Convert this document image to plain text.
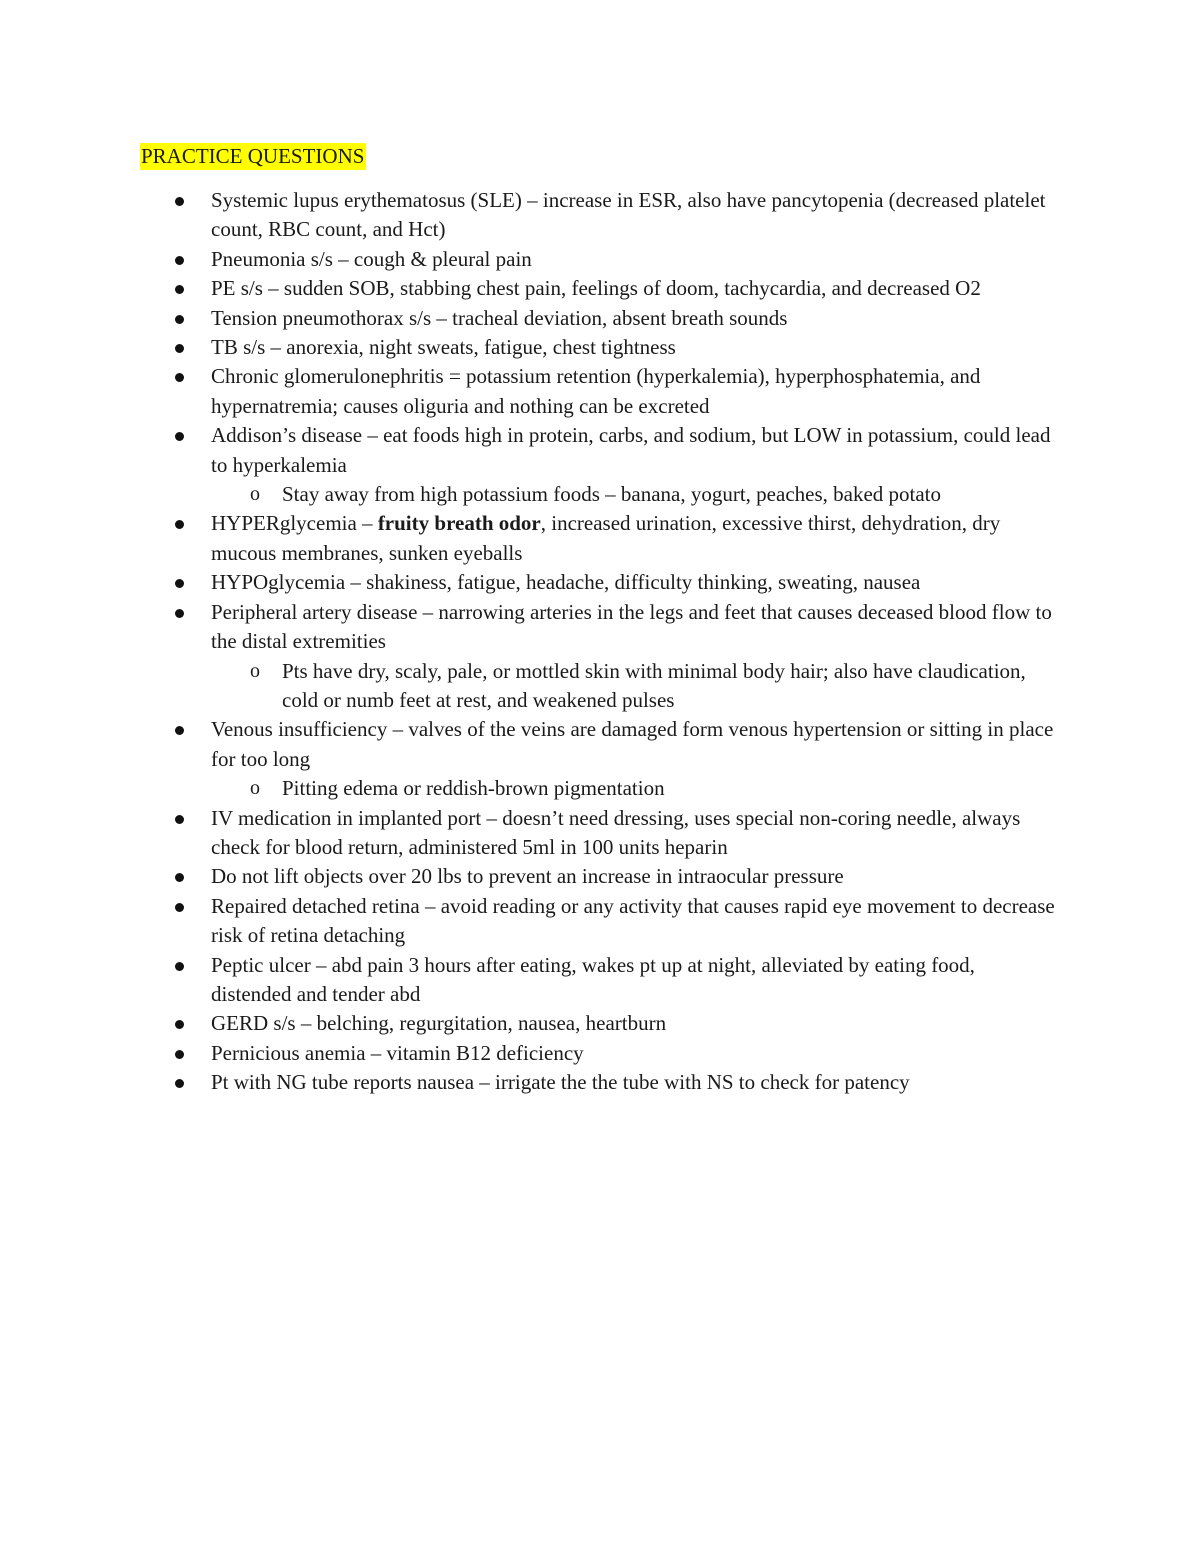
PRACTICE QUESTIONS
Systemic lupus erythematosus (SLE) – increase in ESR, also have pancytopenia (decreased platelet count, RBC count, and Hct)
Pneumonia s/s – cough & pleural pain
PE s/s – sudden SOB, stabbing chest pain, feelings of doom, tachycardia, and decreased O2
Tension pneumothorax s/s – tracheal deviation, absent breath sounds
TB s/s – anorexia, night sweats, fatigue, chest tightness
Chronic glomerulonephritis = potassium retention (hyperkalemia), hyperphosphatemia, and hypernatremia; causes oliguria and nothing can be excreted
Addison’s disease – eat foods high in protein, carbs, and sodium, but LOW in potassium, could lead to hyperkalemia
o Stay away from high potassium foods – banana, yogurt, peaches, baked potato
HYPERglycemia – fruity breath odor, increased urination, excessive thirst, dehydration, dry mucous membranes, sunken eyeballs
HYPOglycemia – shakiness, fatigue, headache, difficulty thinking, sweating, nausea
Peripheral artery disease – narrowing arteries in the legs and feet that causes deceased blood flow to the distal extremities
o Pts have dry, scaly, pale, or mottled skin with minimal body hair; also have claudication, cold or numb feet at rest, and weakened pulses
Venous insufficiency – valves of the veins are damaged form venous hypertension or sitting in place for too long
o Pitting edema or reddish-brown pigmentation
IV medication in implanted port – doesn’t need dressing, uses special non-coring needle, always check for blood return, administered 5ml in 100 units heparin
Do not lift objects over 20 lbs to prevent an increase in intraocular pressure
Repaired detached retina – avoid reading or any activity that causes rapid eye movement to decrease risk of retina detaching
Peptic ulcer – abd pain 3 hours after eating, wakes pt up at night, alleviated by eating food, distended and tender abd
GERD s/s – belching, regurgitation, nausea, heartburn
Pernicious anemia – vitamin B12 deficiency
Pt with NG tube reports nausea – irrigate the the tube with NS to check for patency
